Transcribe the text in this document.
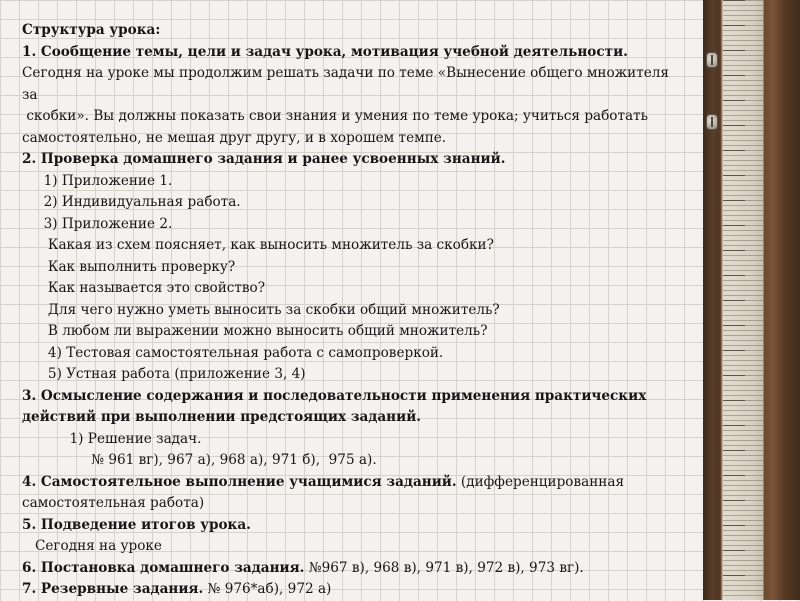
Структура урока:
1. Сообщение темы, цели и задач урока, мотивация учебной деятельности.
Сегодня на уроке мы продолжим решать задачи по теме «Вынесение общего множителя
за
скобки». Вы должны показать свои знания и умения по теме урока; учиться работать
самостоятельно, не мешая друг другу, и в хорошем темпе.
2. Проверка домашнего задания и ранее усвоенных знаний.
1) Приложение 1.
2) Индивидуальная работа.
3) Приложение 2.
Какая из схем поясняет, как выносить множитель за скобки?
Как выполнить проверку?
Как называется это свойство?
Для чего нужно уметь выносить за скобки общий множитель?
В любом ли выражении можно выносить общий множитель?
4) Тестовая самостоятельная работа с самопроверкой.
5) Устная работа (приложение 3, 4)
3. Осмысление содержания и последовательности применения практических
действий при выполнении предстоящих заданий.
1) Решение задач.
№ 961 вг), 967 а), 968 а), 971 б),  975 а).
4. Самостоятельное выполнение учащимися заданий. (дифференцированная
самостоятельная работа)
5. Подведение итогов урока.
Сегодня на уроке
6. Постановка домашнего задания. №967 в), 968 в), 971 в), 972 в), 973 вг).
7. Резервные задания. № 976*аб), 972 а)
